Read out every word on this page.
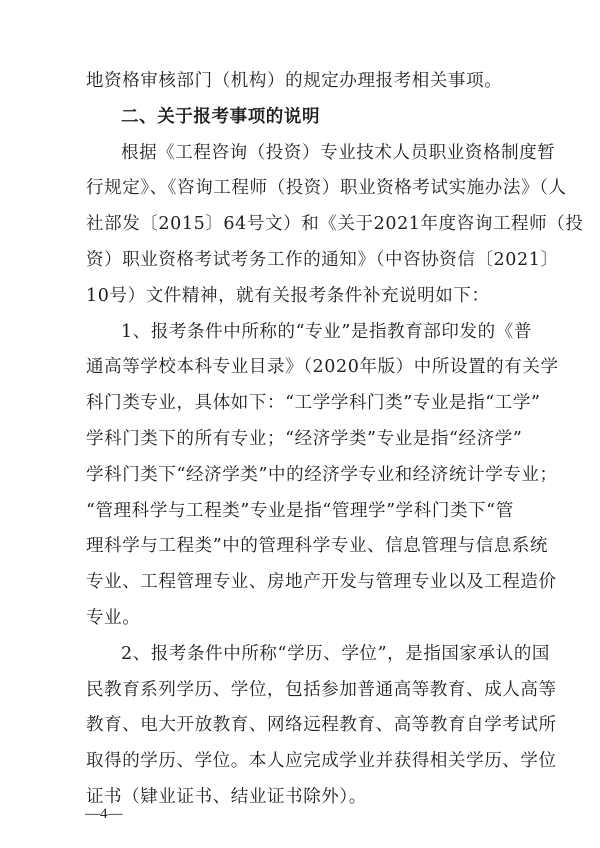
地资格审核部门（机构）的规定办理报考相关事项。
二、关于报考事项的说明
根据《工程咨询（投资）专业技术人员职业资格制度暂
行规定》、《咨询工程师（投资）职业资格考试实施办法》（人
社部发〔2015〕64号文）和《关于2021年度咨询工程师（投
资）职业资格考试考务工作的通知》（中咨协资信〔2021〕
10号）文件精神，就有关报考条件补充说明如下：
1、报考条件中所称的“专业”是指教育部印发的《普
通高等学校本科专业目录》（2020年版）中所设置的有关学
科门类专业，具体如下：“工学学科门类”专业是指“工学”
学科门类下的所有专业；“经济学类”专业是指“经济学”
学科门类下“经济学类”中的经济学专业和经济统计学专业；
“管理科学与工程类”专业是指“管理学”学科门类下“管
理科学与工程类”中的管理科学专业、信息管理与信息系统
专业、工程管理专业、房地产开发与管理专业以及工程造价
专业。
2、报考条件中所称“学历、学位”，是指国家承认的国
民教育系列学历、学位，包括参加普通高等教育、成人高等
教育、电大开放教育、网络远程教育、高等教育自学考试所
取得的学历、学位。本人应完成学业并获得相关学历、学位
证书（肄业证书、结业证书除外）。
—4—
